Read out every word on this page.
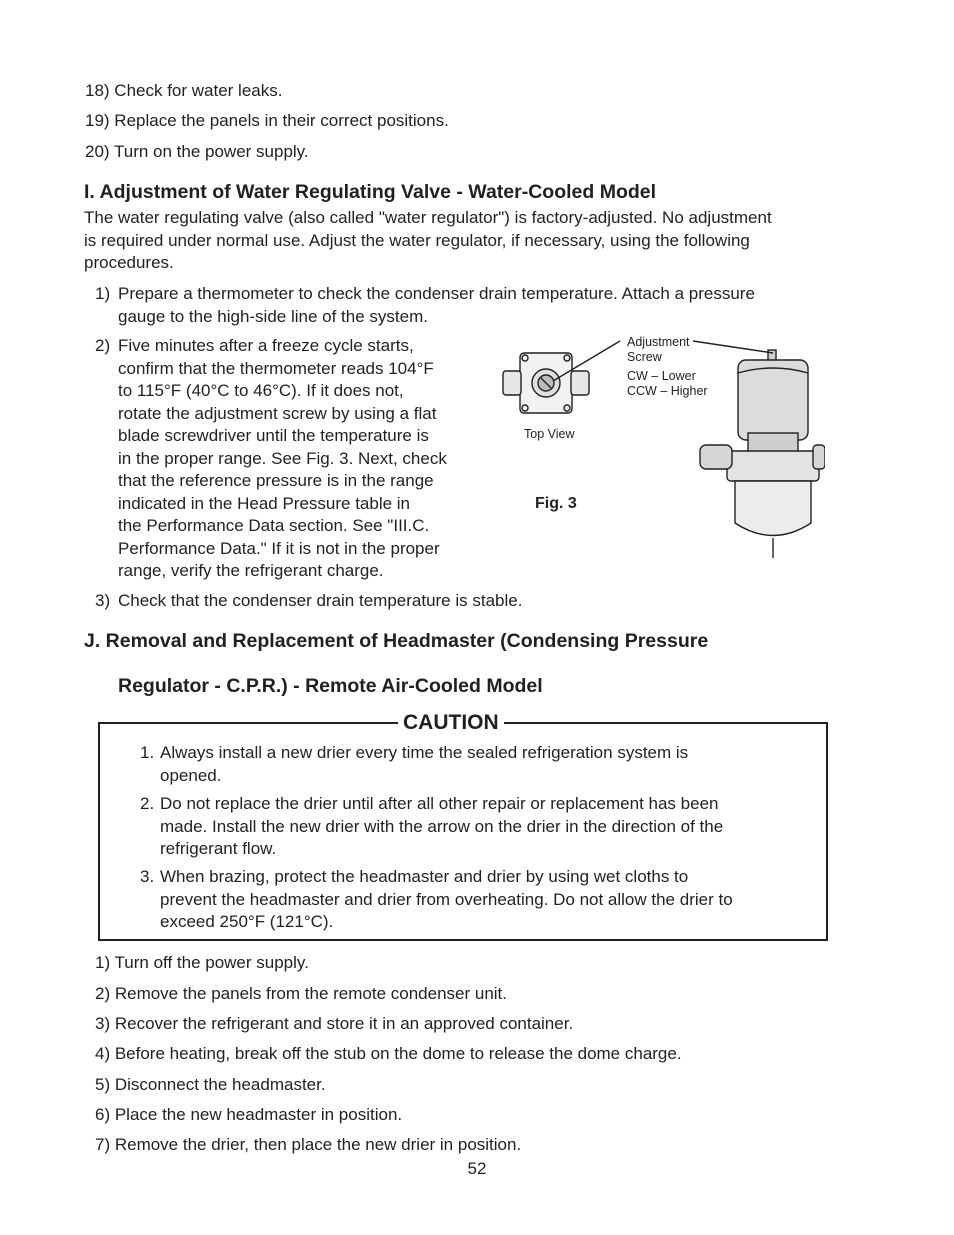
18) Check for water leaks.
19) Replace the panels in their correct positions.
20) Turn on the power supply.
I. Adjustment of Water Regulating Valve - Water-Cooled Model
The water regulating valve (also called "water regulator") is factory-adjusted. No adjustment
is required under normal use. Adjust the water regulator, if necessary, using the following
procedures.
1) Prepare a thermometer to check the condenser drain temperature. Attach a pressure
gauge to the high-side line of the system.
2) Five minutes after a freeze cycle starts,
confirm that the thermometer reads 104°F
to 115°F (40°C to 46°C). If it does not,
rotate the adjustment screw by using a flat
blade screwdriver until the temperature is
in the proper range. See Fig. 3. Next, check
that the reference pressure is in the range
indicated in the Head Pressure table in
the Performance Data section. See "III.C.
Performance Data." If it is not in the proper
range, verify the refrigerant charge.
Adjustment
Screw
CW – Lower
CCW – Higher
Top View
Fig. 3
3) Check that the condenser drain temperature is stable.
J. Removal and Replacement of Headmaster (Condensing Pressure
Regulator - C.P.R.) - Remote Air-Cooled Model
CAUTION
1. Always install a new drier every time the sealed refrigeration system is
opened.
2. Do not replace the drier until after all other repair or replacement has been
made. Install the new drier with the arrow on the drier in the direction of the
refrigerant flow.
3. When brazing, protect the headmaster and drier by using wet cloths to
prevent the headmaster and drier from overheating. Do not allow the drier to
exceed 250°F (121°C).
1) Turn off the power supply.
2) Remove the panels from the remote condenser unit.
3) Recover the refrigerant and store it in an approved container.
4) Before heating, break off the stub on the dome to release the dome charge.
5) Disconnect the headmaster.
6) Place the new headmaster in position.
7) Remove the drier, then place the new drier in position.
52
